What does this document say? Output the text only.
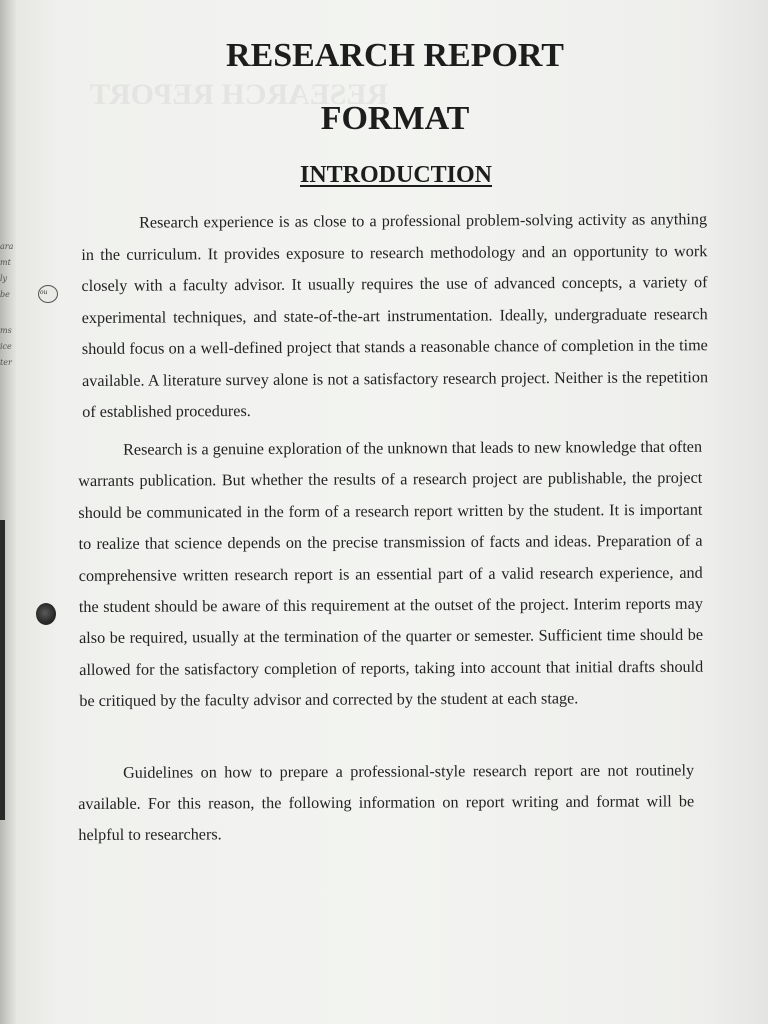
ara
mt
ly
be
ms
ice
ter
ou
RESEARCH REPORT
RESEARCH REPORT
FORMAT
INTRODUCTION

Research experience is as close to a professional problem-solving activity as anything in the curriculum. It provides exposure to research methodology and an opportunity to work closely with a faculty advisor. It usually requires the use of advanced concepts, a variety of experimental techniques, and state-of-the-art instrumentation. Ideally, undergraduate research should focus on a well-defined project that stands a reasonable chance of completion in the time available. A literature survey alone is not a satisfactory research project. Neither is the repetition of established procedures.

Research is a genuine exploration of the unknown that leads to new knowledge that often warrants publication. But whether the results of a research project are publishable, the project should be communicated in the form of a research report written by the student. It is important to realize that science depends on the precise transmission of facts and ideas. Preparation of a comprehensive written research report is an essential part of a valid research experience, and the student should be aware of this requirement at the outset of the project. Interim reports may also be required, usually at the termination of the quarter or semester. Sufficient time should be allowed for the satisfactory completion of reports, taking into account that initial drafts should be critiqued by the faculty advisor and corrected by the student at each stage.

Guidelines on how to prepare a professional-style research report are not routinely available. For this reason, the following information on report writing and format will be helpful to researchers.
